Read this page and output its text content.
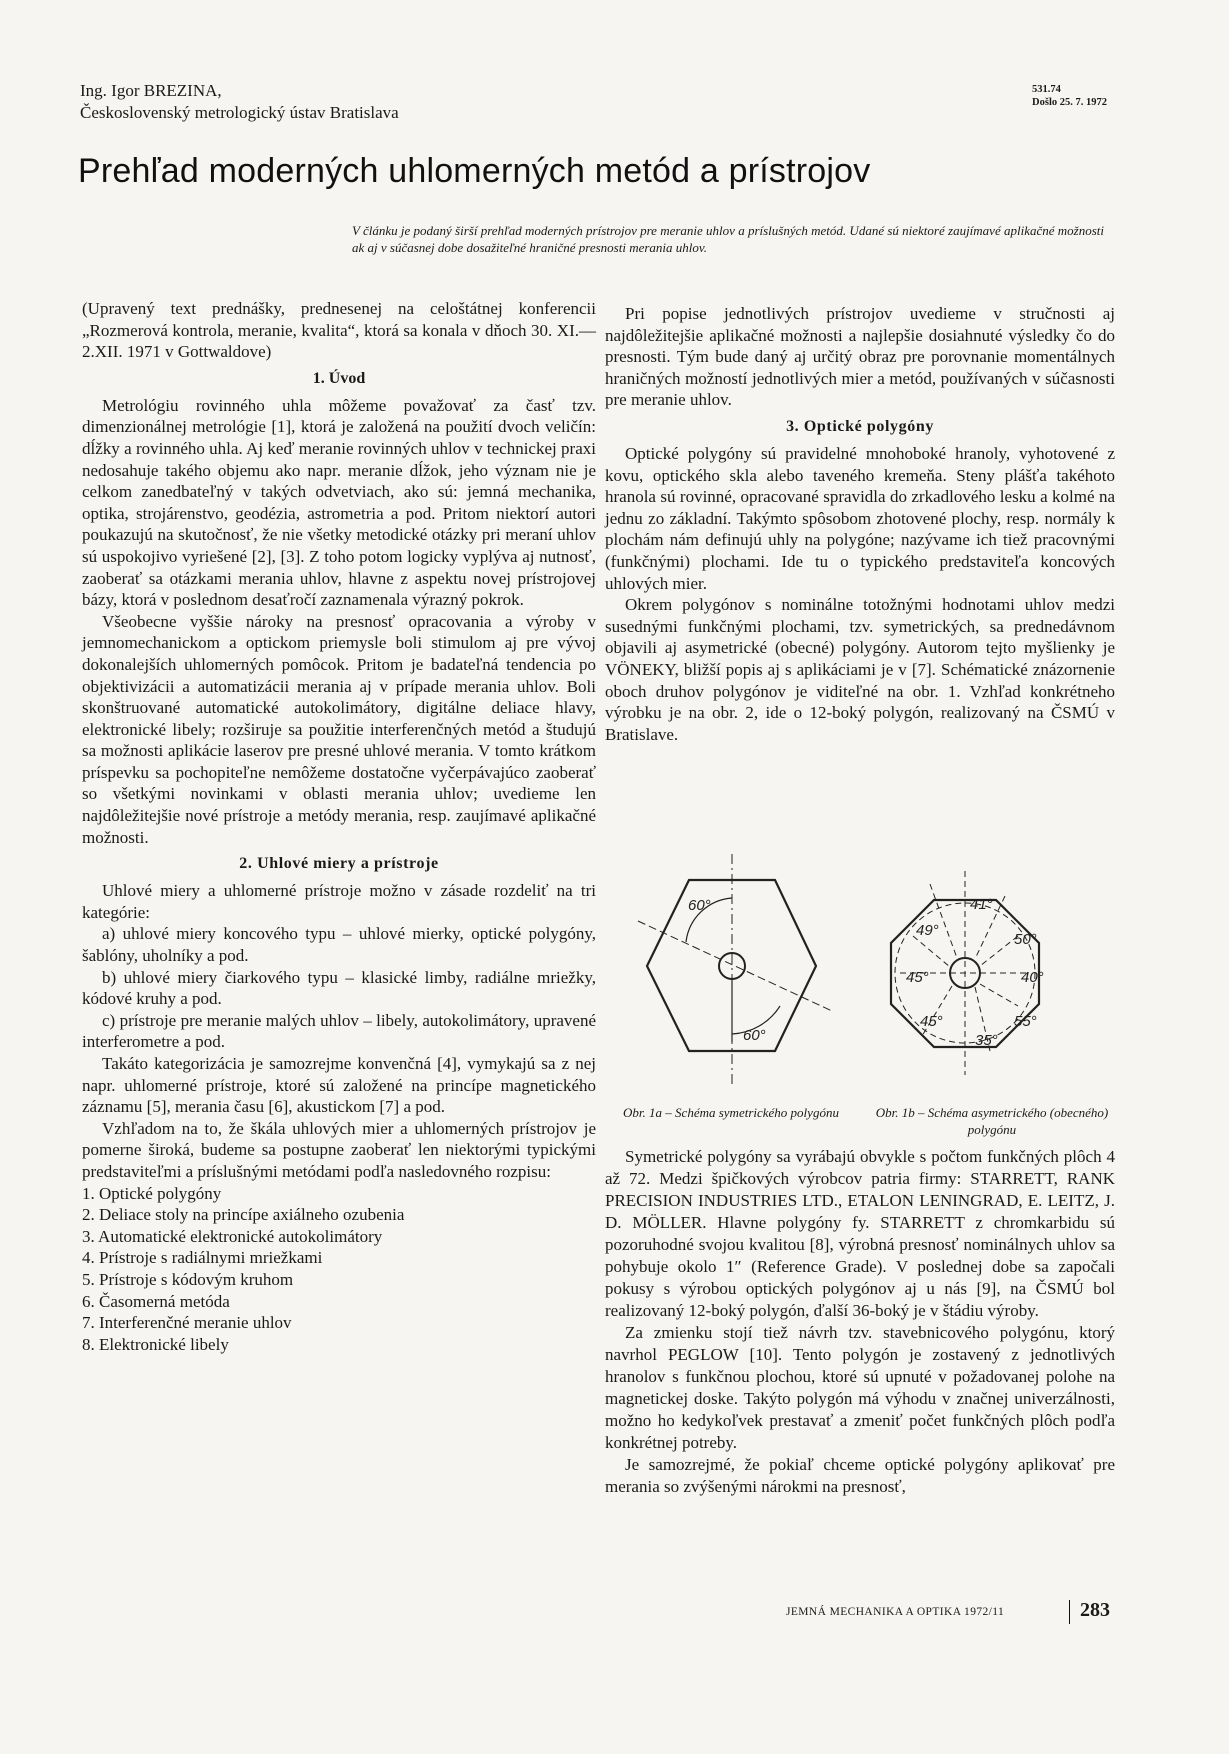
Ing. Igor BREZINA,
Československý metrologický ústav Bratislava
531.74
Došlo 25. 7. 1972
Prehľad moderných uhlomerných metód a prístrojov
V článku je podaný širší prehľad moderných prístrojov pre meranie uhlov a príslušných metód. Udané sú niektoré zaujímavé aplikačné možnosti ak aj v súčasnej dobe dosažiteľné hraničné presnosti merania uhlov.

(Upravený text prednášky, prednesenej na celoštátnej konferencii „Rozmerová kontrola, meranie, kvalita“, ktorá sa konala v dňoch 30. XI.—2.XII. 1971 v Gottwaldove)

1. Úvod

Metrológiu rovinného uhla môžeme považovať za časť tzv. dimenzionálnej metrológie [1], ktorá je založená na použití dvoch veličín: dĺžky a rovinného uhla. Aj keď meranie rovinných uhlov v technickej praxi nedosahuje takého objemu ako napr. meranie dĺžok, jeho význam nie je celkom zanedbateľný v takých odvetviach, ako sú: jemná mechanika, optika, strojárenstvo, geodézia, astrometria a pod. Pritom niektorí autori poukazujú na skutočnosť, že nie všetky metodické otázky pri meraní uhlov sú uspokojivo vyriešené [2], [3]. Z toho potom logicky vyplýva aj nutnosť, zaoberať sa otázkami merania uhlov, hlavne z aspektu novej prístrojovej bázy, ktorá v poslednom desaťročí zaznamenala výrazný pokrok.

Všeobecne vyššie nároky na presnosť opracovania a výroby v jemnomechanickom a optickom priemysle boli stimulom aj pre vývoj dokonalejších uhlomerných pomôcok. Pritom je badateľná tendencia po objektivizácii a automatizácii merania aj v prípade merania uhlov. Boli skonštruované automatické autokolimátory, digitálne deliace hlavy, elektronické libely; rozširuje sa použitie interferenčných metód a študujú sa možnosti aplikácie laserov pre presné uhlové merania. V tomto krátkom príspevku sa pochopiteľne nemôžeme dostatočne vyčerpávajúco zaoberať so všetkými novinkami v oblasti merania uhlov; uvedieme len najdôležitejšie nové prístroje a metódy merania, resp. zaujímavé aplikačné možnosti.

2. Uhlové miery a prístroje

Uhlové miery a uhlomerné prístroje možno v zásade rozdeliť na tri kategórie:

a) uhlové miery koncového typu – uhlové mierky, optické polygóny, šablóny, uholníky a pod.

b) uhlové miery čiarkového typu – klasické limby, radiálne mriežky, kódové kruhy a pod.

c) prístroje pre meranie malých uhlov – libely, autokolimátory, upravené interferometre a pod.

Takáto kategorizácia je samozrejme konvenčná [4], vymykajú sa z nej napr. uhlomerné prístroje, ktoré sú založené na princípe magnetického záznamu [5], merania času [6], akustickom [7] a pod.

Vzhľadom na to, že škála uhlových mier a uhlomerných prístrojov je pomerne široká, budeme sa postupne zaoberať len niektorými typickými predstaviteľmi a príslušnými metódami podľa nasledovného rozpisu:

1. Optické polygóny
2. Deliace stoly na princípe axiálneho ozubenia
3. Automatické elektronické autokolimátory
4. Prístroje s radiálnymi mriežkami
5. Prístroje s kódovým kruhom
6. Časomerná metóda
7. Interferenčné meranie uhlov
8. Elektronické libely

Pri popise jednotlivých prístrojov uvedieme v stručnosti aj najdôležitejšie aplikačné možnosti a najlepšie dosiahnuté výsledky čo do presnosti. Tým bude daný aj určitý obraz pre porovnanie momentálnych hraničných možností jednotlivých mier a metód, používaných v súčasnosti pre meranie uhlov.

3. Optické polygóny

Optické polygóny sú pravidelné mnohoboké hranoly, vyhotovené z kovu, optického skla alebo taveného kremeňa. Steny plášťa takéhoto hranola sú rovinné, opracované spravidla do zrkadlového lesku a kolmé na jednu zo základní. Takýmto spôsobom zhotovené plochy, resp. normály k plochám nám definujú uhly na polygóne; nazývame ich tiež pracovnými (funkčnými) plochami. Ide tu o typického predstaviteľa koncových uhlových mier.

Okrem polygónov s nominálne totožnými hodnotami uhlov medzi susednými funkčnými plochami, tzv. symetrických, sa prednedávnom objavili aj asymetrické (obecné) polygóny. Autorom tejto myšlienky je VÖNEKY, bližší popis aj s aplikáciami je v [7]. Schématické znázornenie oboch druhov polygónov je viditeľné na obr. 1. Vzhľad konkrétneho výrobku je na obr. 2, ide o 12-boký polygón, realizovaný na ČSMÚ v Bratislave.

60°
60°
41°
50°
40°
55°
35°
45°
45°
49°
Obr. 1a – Schéma symetrického polygónu	Obr. 1b – Schéma asymetrického (obecného) polygónu

Symetrické polygóny sa vyrábajú obvykle s počtom funkčných plôch 4 až 72. Medzi špičkových výrobcov patria firmy: STARRETT, RANK PRECISION INDUSTRIES LTD., ETALON LENINGRAD, E. LEITZ, J. D. MÖLLER. Hlavne polygóny fy. STARRETT z chromkarbidu sú pozoruhodné svojou kvalitou [8], výrobná presnosť nominálnych uhlov sa pohybuje okolo 1″ (Reference Grade). V poslednej dobe sa započali pokusy s výrobou optických polygónov aj u nás [9], na ČSMÚ bol realizovaný 12-boký polygón, ďalší 36-boký je v štádiu výroby.

Za zmienku stojí tiež návrh tzv. stavebnicového polygónu, ktorý navrhol PEGLOW [10]. Tento polygón je zostavený z jednotlivých hranolov s funkčnou plochou, ktoré sú upnuté v požadovanej polohe na magnetickej doske. Takýto polygón má výhodu v značnej univerzálnosti, možno ho kedykoľvek prestavať a zmeniť počet funkčných plôch podľa konkrétnej potreby.

Je samozrejmé, že pokiaľ chceme optické polygóny aplikovať pre merania so zvýšenými nárokmi na presnosť,

JEMNÁ MECHANIKA A OPTIKA 1972/11	283
